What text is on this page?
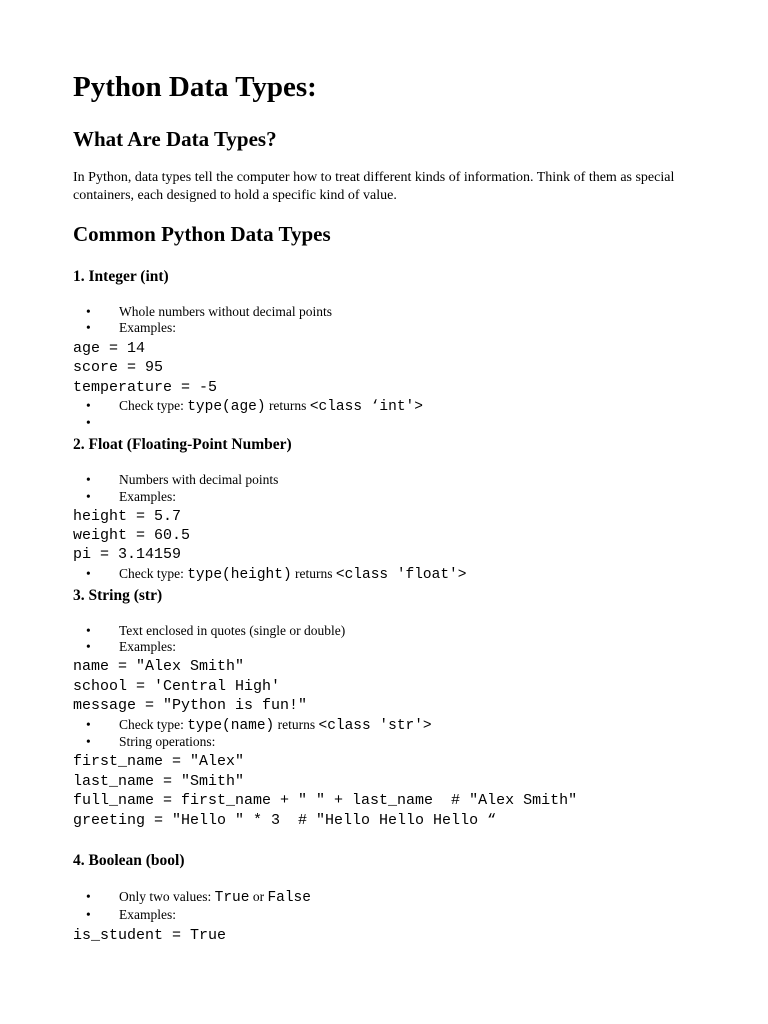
Python Data Types:
What Are Data Types?

In Python, data types tell the computer how to treat different kinds of information. Think of them as special containers, each designed to hold a specific kind of value.

Common Python Data Types
1. Integer (int)
• Whole numbers without decimal points
• Examples:
age = 14
score = 95
temperature = -5
• Check type: type(age) returns <class ‘int'>
•
2. Float (Floating-Point Number)
• Numbers with decimal points
• Examples:
height = 5.7
weight = 60.5
pi = 3.14159
• Check type: type(height) returns <class 'float'>
3. String (str)
• Text enclosed in quotes (single or double)
• Examples:
name = "Alex Smith"
school = 'Central High'
message = "Python is fun!"
• Check type: type(name) returns <class 'str'>
• String operations:
first_name = "Alex"
last_name = "Smith"
full_name = first_name + " " + last_name  # "Alex Smith"
greeting = "Hello " * 3  # "Hello Hello Hello “
4. Boolean (bool)
• Only two values: True or False
• Examples:
is_student = True
